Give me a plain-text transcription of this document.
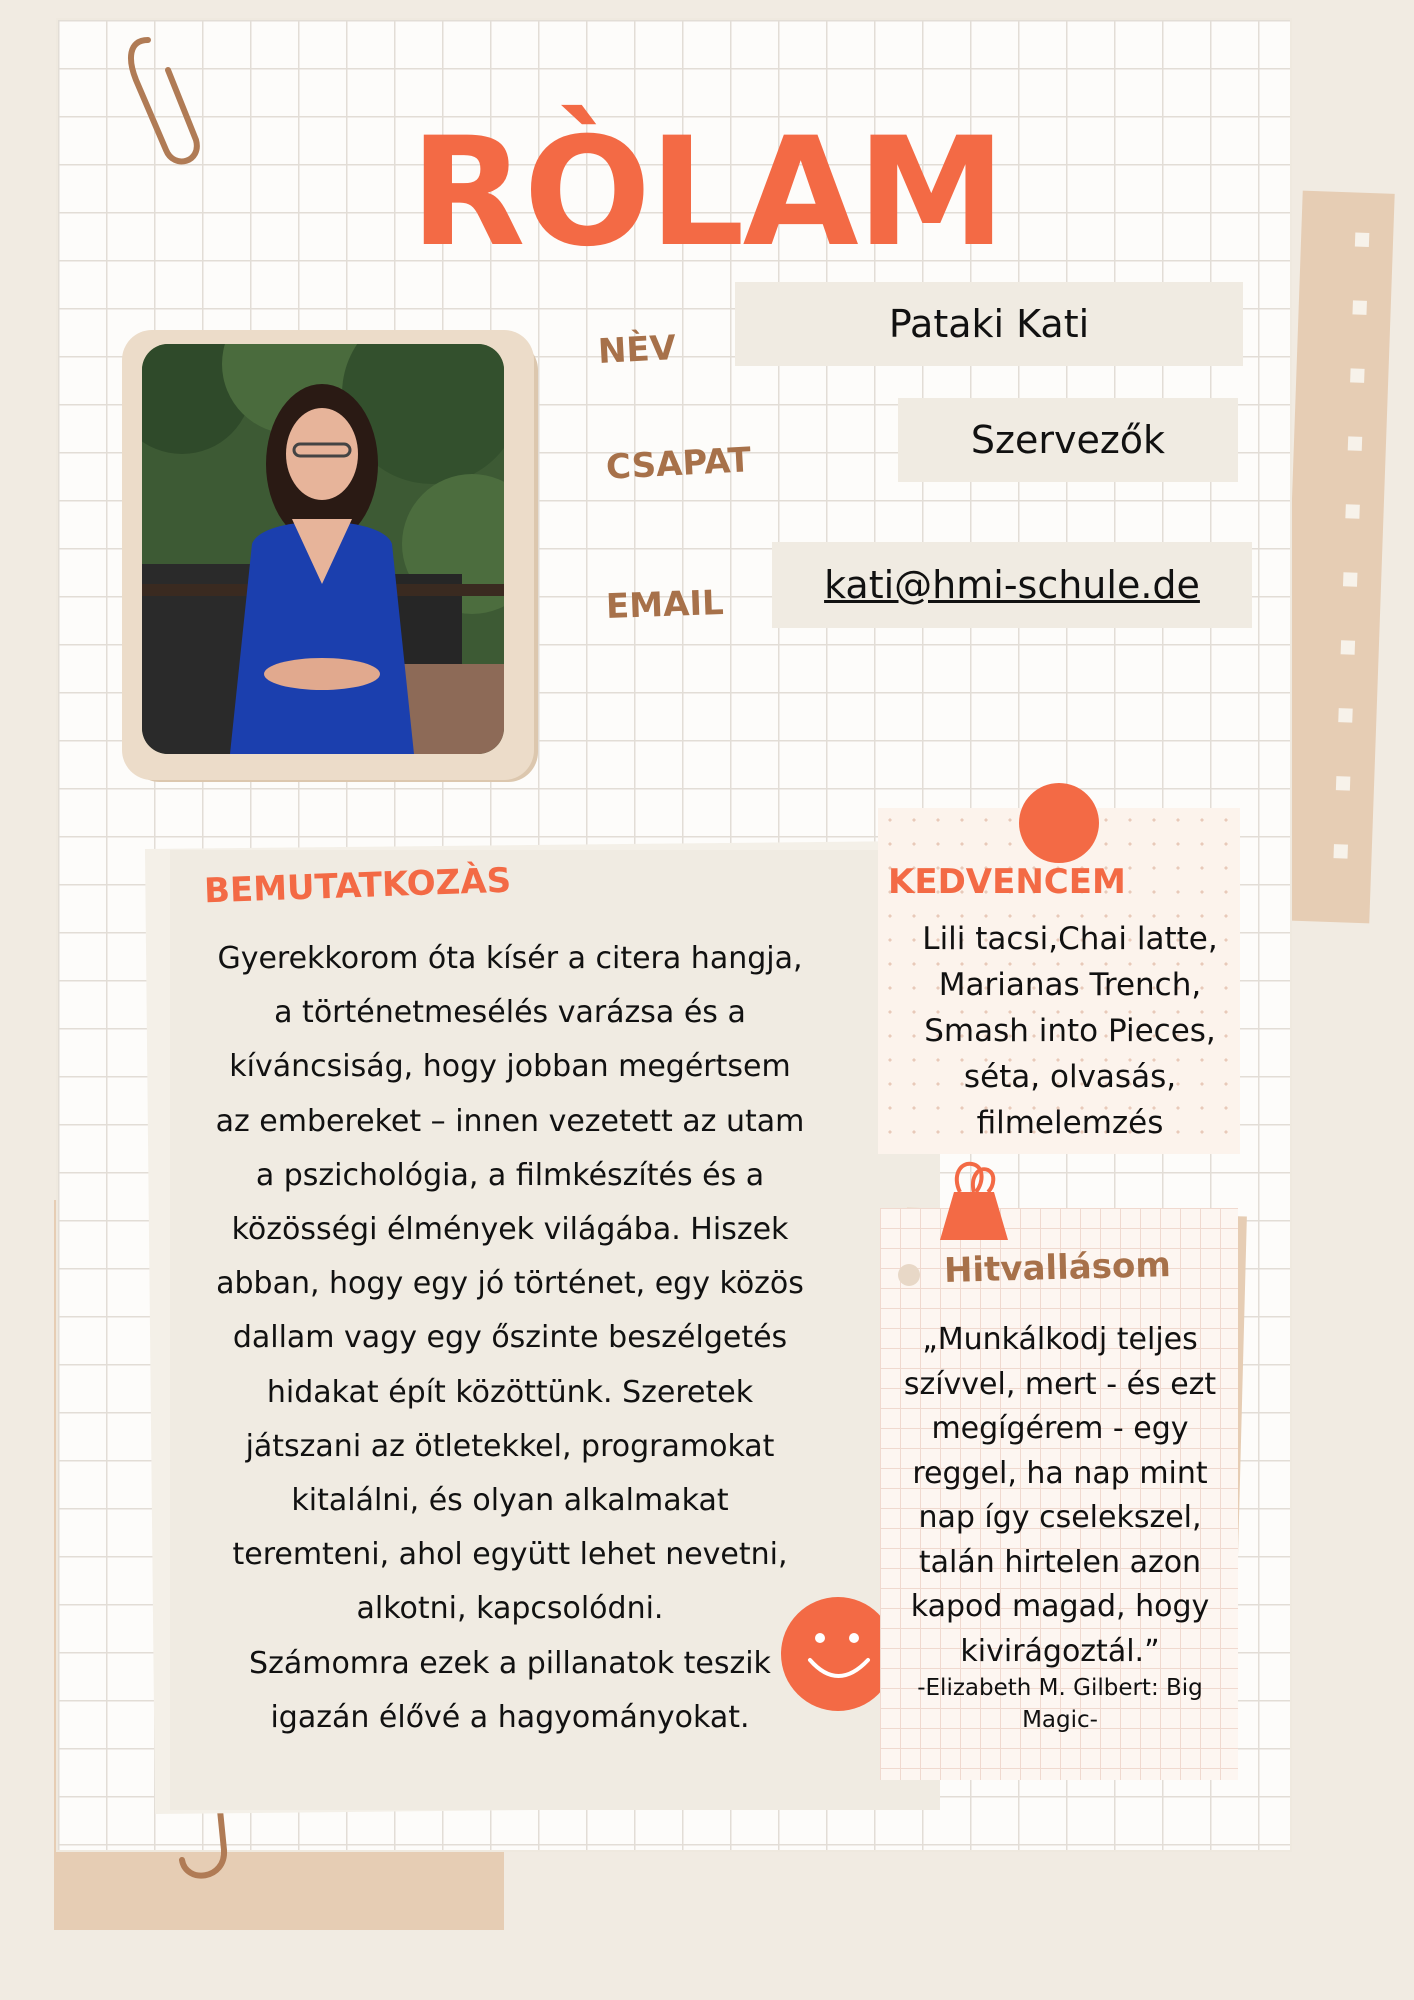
RÒLAM
NÈV
Pataki Kati
CSAPAT
Szervezők
EMAIL	kati@hmi-schule.de
BEMUTATKOZÀS
Gyerekkorom óta kísér a citera hangja,
a történetmesélés varázsa és a
kíváncsiság, hogy jobban megértsem
az embereket – innen vezetett az utam
a pszichológia, a filmkészítés és a
közösségi élmények világába. Hiszek
abban, hogy egy jó történet, egy közös
dallam vagy egy őszinte beszélgetés
hidakat épít közöttünk. Szeretek
játszani az ötletekkel, programokat
kitalálni, és olyan alkalmakat
teremteni, ahol együtt lehet nevetni,
alkotni, kapcsolódni.
Számomra ezek a pillanatok teszik
igazán élővé a hagyományokat.
KEDVENCEM
Lili tacsi,Chai latte,
Marianas Trench,
Smash into Pieces,
séta, olvasás,
filmelemzés
Hitvallásom
„Munkálkodj teljes
szívvel, mert - és ezt
megígérem - egy
reggel, ha nap mint
nap így cselekszel,
talán hirtelen azon
kapod magad, hogy
kivirágoztál.”
-Elizabeth M. Gilbert: Big
Magic-
